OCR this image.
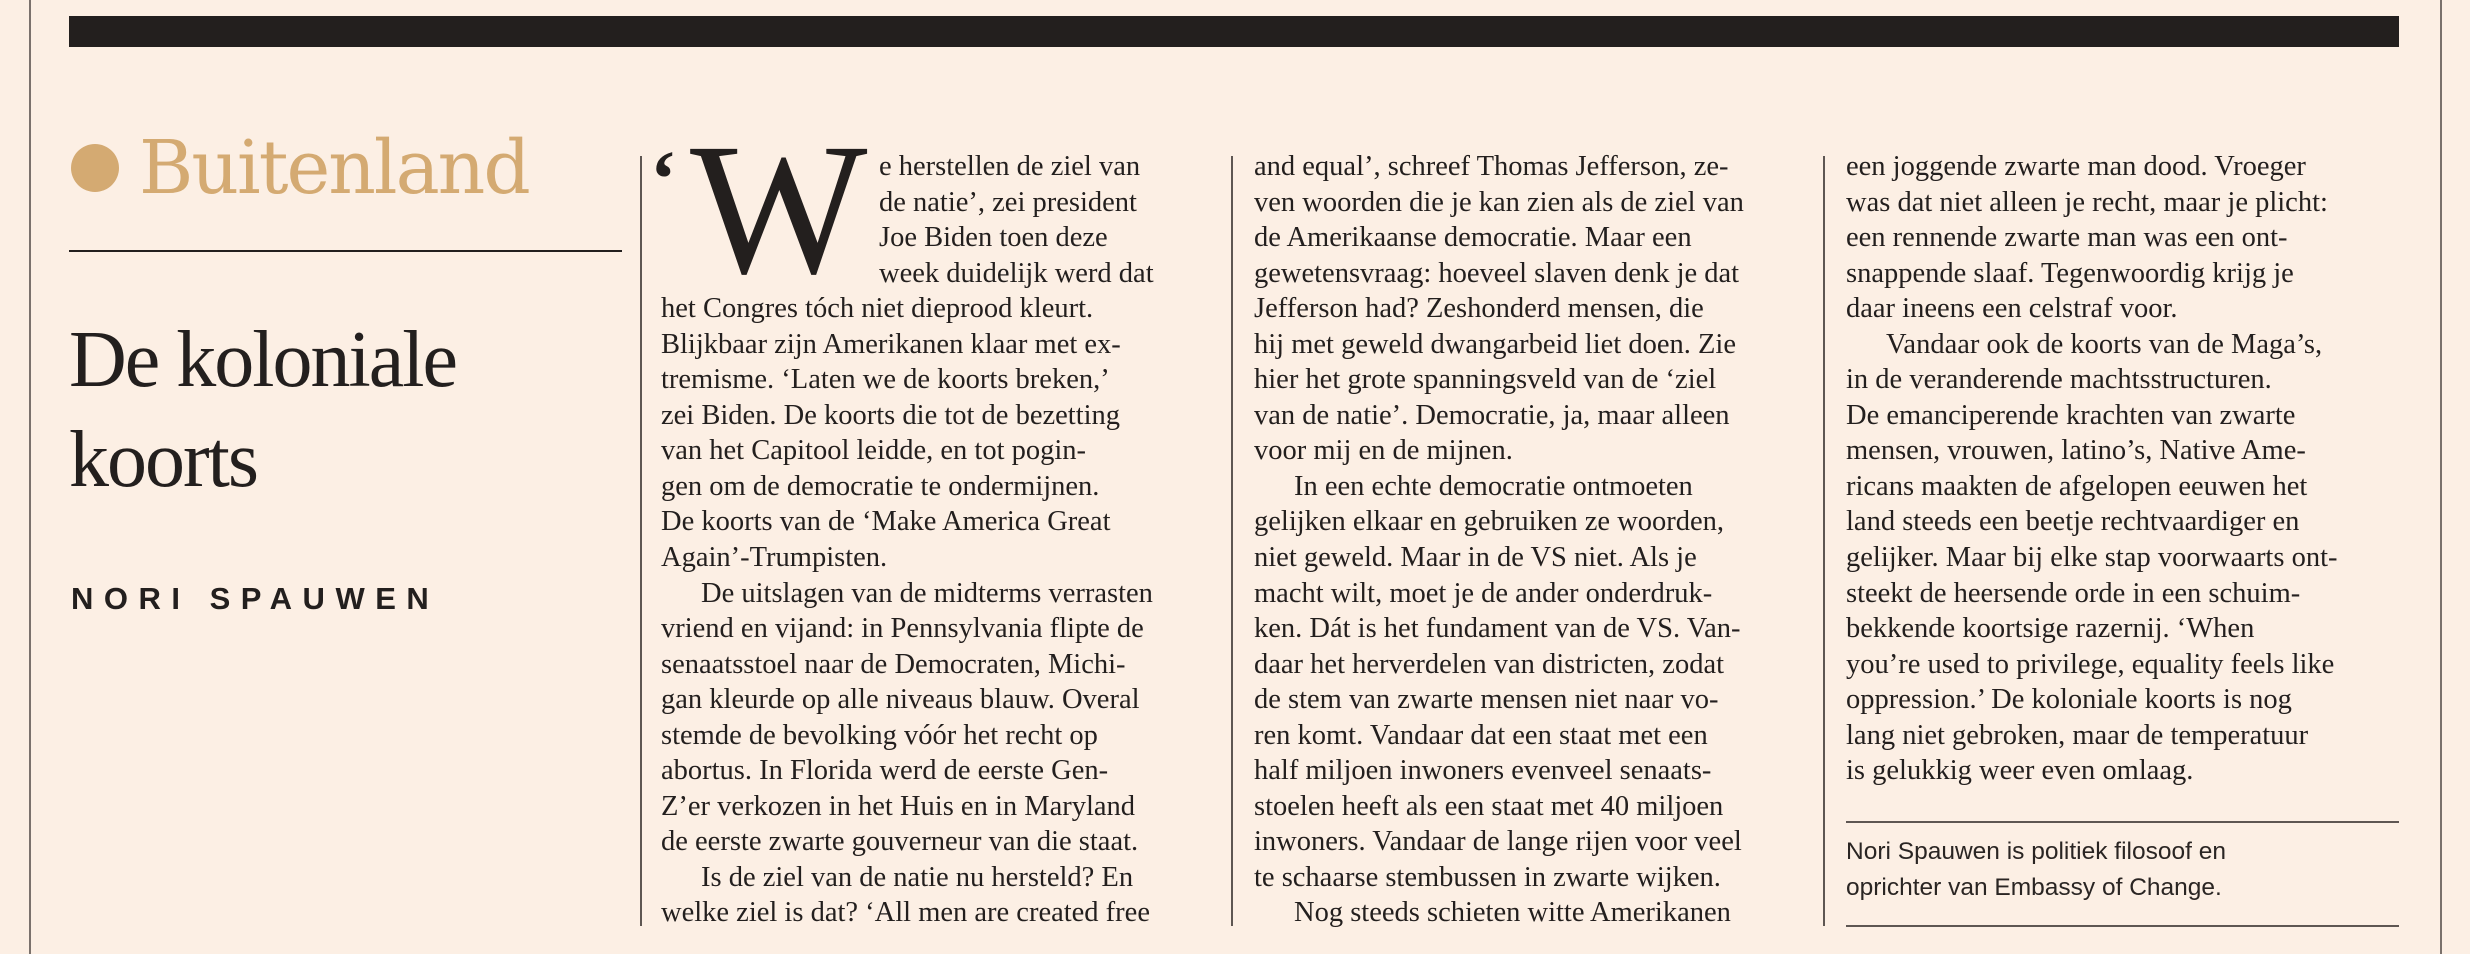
Buitenland
De koloniale
koorts
NORI SPAUWEN
‘ W e herstellen de ziel van
de natie’, zei president
Joe Biden toen deze
week duidelijk werd dat
het Congres tóch niet dieprood kleurt.
Blijkbaar zijn Amerikanen klaar met ex-
tremisme. ‘Laten we de koorts breken,’
zei Biden. De koorts die tot de bezetting
van het Capitool leidde, en tot pogin-
gen om de democratie te ondermijnen.
De koorts van de ‘Make America Great
Again’-Trumpisten.
De uitslagen van de midterms verrasten
vriend en vijand: in Pennsylvania flipte de
senaatsstoel naar de Democraten, Michi-
gan kleurde op alle niveaus blauw. Overal
stemde de bevolking vóór het recht op
abortus. In Florida werd de eerste Gen-
Z’er verkozen in het Huis en in Maryland
de eerste zwarte gouverneur van die staat.
Is de ziel van de natie nu hersteld? En
welke ziel is dat? ‘All men are created free
and equal’, schreef Thomas Jefferson, ze-
ven woorden die je kan zien als de ziel van
de Amerikaanse democratie. Maar een
gewetensvraag: hoeveel slaven denk je dat
Jefferson had? Zeshonderd mensen, die
hij met geweld dwangarbeid liet doen. Zie
hier het grote spanningsveld van de ‘ziel
van de natie’. Democratie, ja, maar alleen
voor mij en de mijnen.
In een echte democratie ontmoeten
gelijken elkaar en gebruiken ze woorden,
niet geweld. Maar in de VS niet. Als je
macht wilt, moet je de ander onderdruk-
ken. Dát is het fundament van de VS. Van-
daar het herverdelen van districten, zodat
de stem van zwarte mensen niet naar vo-
ren komt. Vandaar dat een staat met een
half miljoen inwoners evenveel senaats-
stoelen heeft als een staat met 40 miljoen
inwoners. Vandaar de lange rijen voor veel
te schaarse stembussen in zwarte wijken.
Nog steeds schieten witte Amerikanen
een joggende zwarte man dood. Vroeger
was dat niet alleen je recht, maar je plicht:
een rennende zwarte man was een ont-
snappende slaaf. Tegenwoordig krijg je
daar ineens een celstraf voor.
Vandaar ook de koorts van de Maga’s,
in de veranderende machtsstructuren.
De emanciperende krachten van zwarte
mensen, vrouwen, latino’s, Native Ame-
ricans maakten de afgelopen eeuwen het
land steeds een beetje rechtvaardiger en
gelijker. Maar bij elke stap voorwaarts ont-
steekt de heersende orde in een schuim-
bekkende koortsige razernij. ‘When
you’re used to privilege, equality feels like
oppression.’ De koloniale koorts is nog
lang niet gebroken, maar de temperatuur
is gelukkig weer even omlaag.
Nori Spauwen is politiek filosoof en
oprichter van Embassy of Change.
